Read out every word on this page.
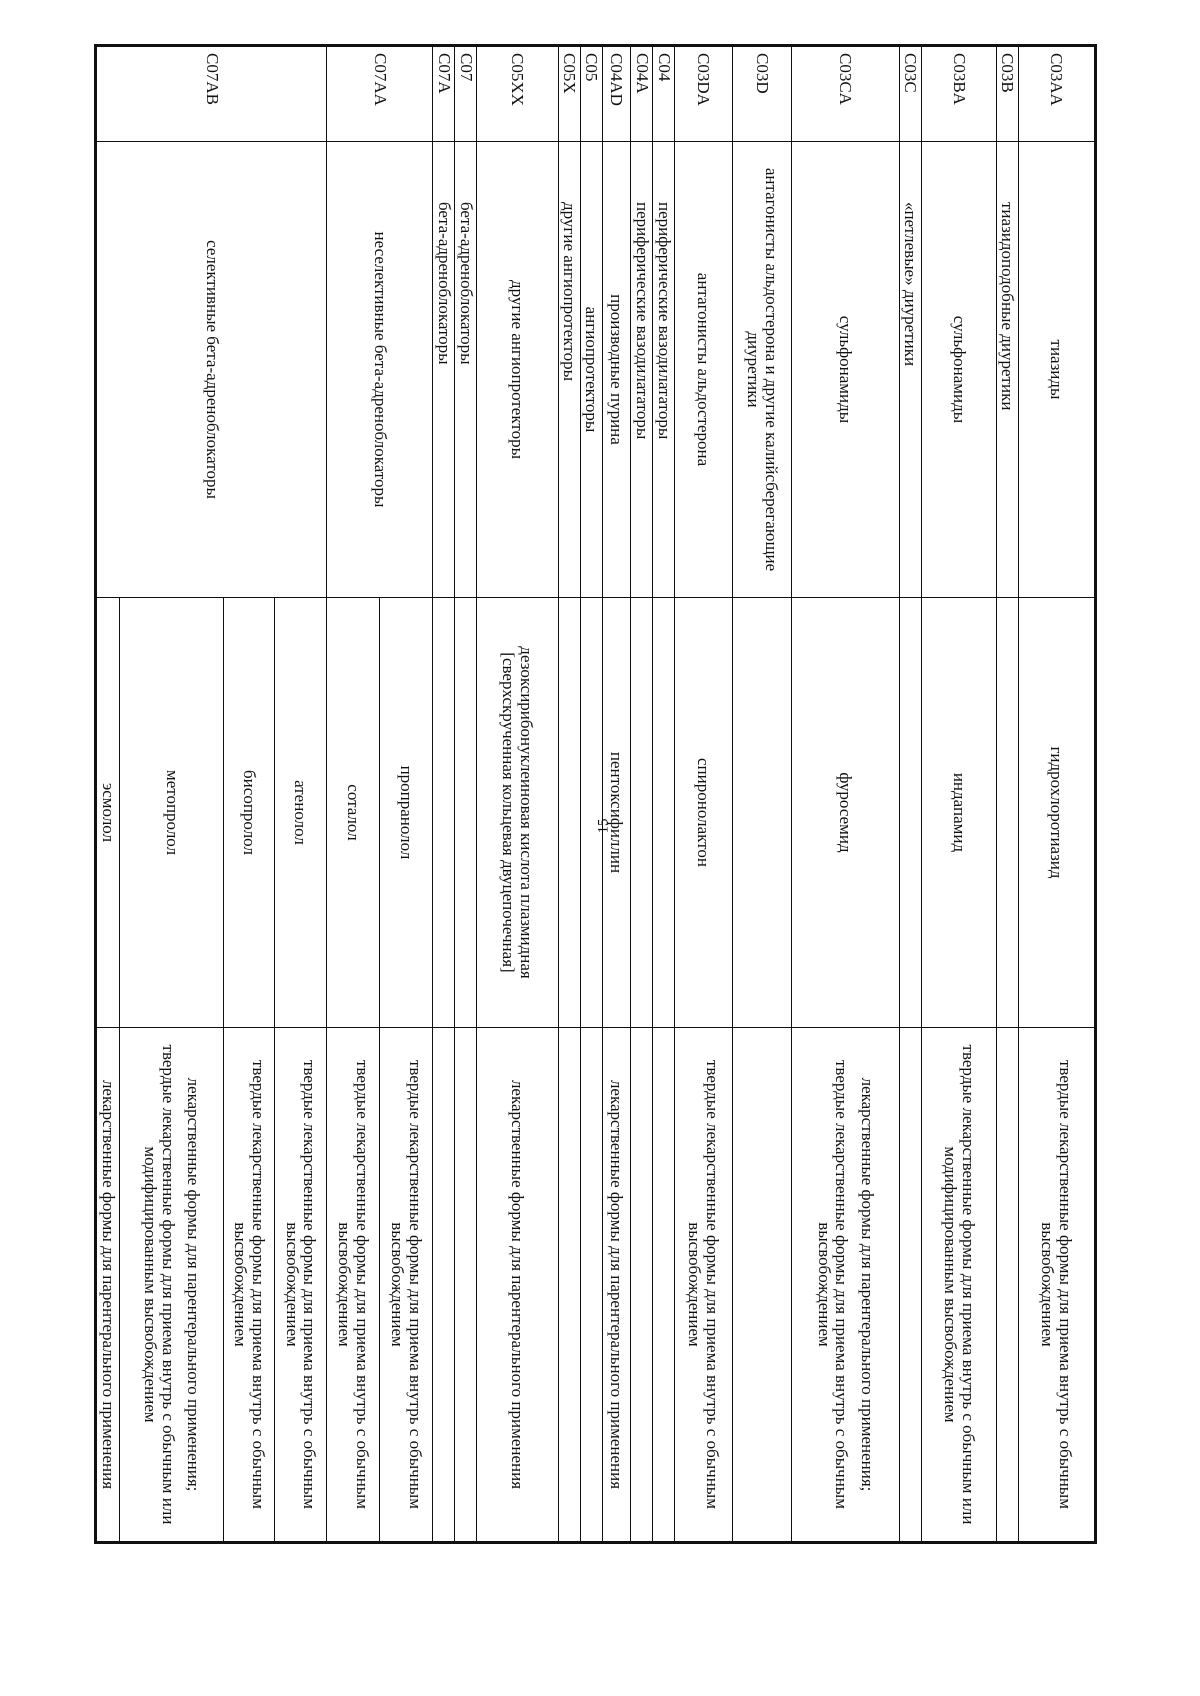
15
C03AA	тиазиды	гидрохлоротиазид	твердые лекарственные формы для приема внутрь с обычным высвобождением

C03B	тиазидоподобные диуретики		

C03BA	сульфонамиды	индапамид	твердые лекарственные формы для приема внутрь с обычным или модифицированным высвобождением

C03C	«петлевые» диуретики		

C03CA	сульфонамиды	фуросемид	лекарственные формы для парентерального применения;
твердые лекарственные формы для приема внутрь с обычным высвобождением

C03D	антагонисты альдостерона и другие калийсберегающие диуретики		

C03DA	антагонисты альдостерона	спиронолактон	твердые лекарственные формы для приема внутрь с обычным высвобождением

C04	периферические вазодилататоры		

C04A	периферические вазодилататоры		

C04AD	производные пурина	пентоксифиллин	лекарственные формы для парентерального применения

C05	ангиопротекторы		

C05X	другие ангиопротекторы		

C05XX	другие ангиопротекторы	дезоксирибонуклеиновая кислота плазмидная [сверхскрученная кольцевая двуцепочечная]	лекарственные формы для парентерального применения

C07	бета-адреноблокаторы		

C07A	бета-адреноблокаторы		

C07AA	неселективные бета-адреноблокаторы	пропранолол	твердые лекарственные формы для приема внутрь с обычным высвобождением

		соталол	твердые лекарственные формы для приема внутрь с обычным высвобождением

C07AB	селективные бета-адреноблокаторы	атенолол	твердые лекарственные формы для приема внутрь с обычным высвобождением

		бисопролол	твердые лекарственные формы для приема внутрь с обычным высвобождением

		метопролол	лекарственные формы для парентерального применения;
твердые лекарственные формы для приема внутрь с обычным или модифицированным высвобождением

		эсмолол	лекарственные формы для парентерального применения
